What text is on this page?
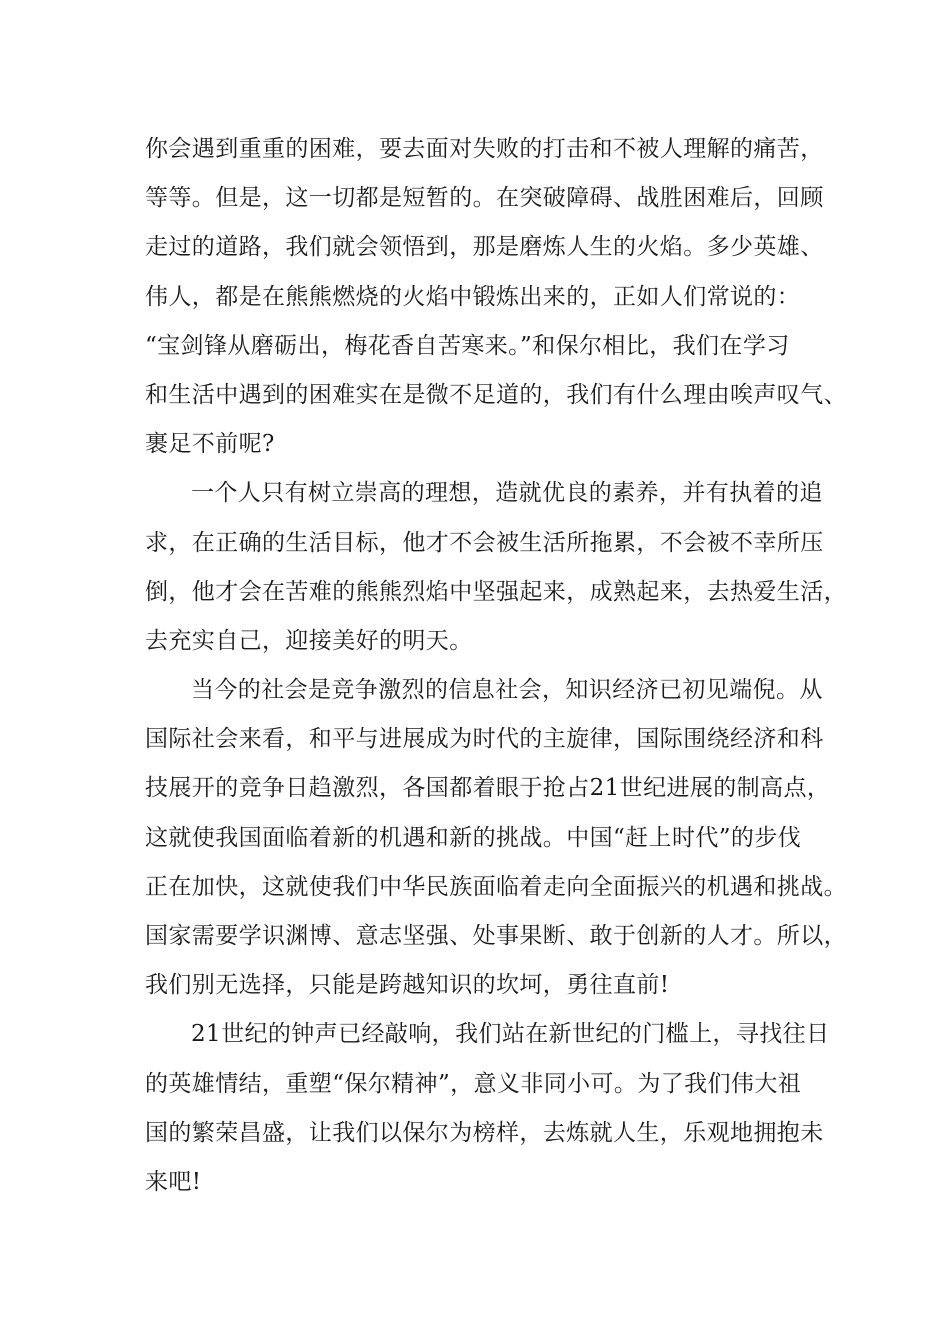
你会遇到重重的困难，要去面对失败的打击和不被人理解的痛苦，
等等。但是，这一切都是短暂的。在突破障碍、战胜困难后，回顾
走过的道路，我们就会领悟到，那是磨炼人生的火焰。多少英雄、
伟人，都是在熊熊燃烧的火焰中锻炼出来的，正如人们常说的：
“宝剑锋从磨砺出，梅花香自苦寒来。”和保尔相比，我们在学习
和生活中遇到的困难实在是微不足道的，我们有什么理由唉声叹气、
裹足不前呢?
一个人只有树立崇高的理想，造就优良的素养，并有执着的追
求，在正确的生活目标，他才不会被生活所拖累，不会被不幸所压
倒，他才会在苦难的熊熊烈焰中坚强起来，成熟起来，去热爱生活，
去充实自己，迎接美好的明天。
当今的社会是竞争激烈的信息社会，知识经济已初见端倪。从
国际社会来看，和平与进展成为时代的主旋律，国际围绕经济和科
技展开的竞争日趋激烈，各国都着眼于抢占21世纪进展的制高点，
这就使我国面临着新的机遇和新的挑战。中国“赶上时代”的步伐
正在加快，这就使我们中华民族面临着走向全面振兴的机遇和挑战。
国家需要学识渊博、意志坚强、处事果断、敢于创新的人才。所以，
我们别无选择，只能是跨越知识的坎坷，勇往直前!
21世纪的钟声已经敲响，我们站在新世纪的门槛上，寻找往日
的英雄情结，重塑“保尔精神”，意义非同小可。为了我们伟大祖
国的繁荣昌盛，让我们以保尔为榜样，去炼就人生，乐观地拥抱未
来吧!
